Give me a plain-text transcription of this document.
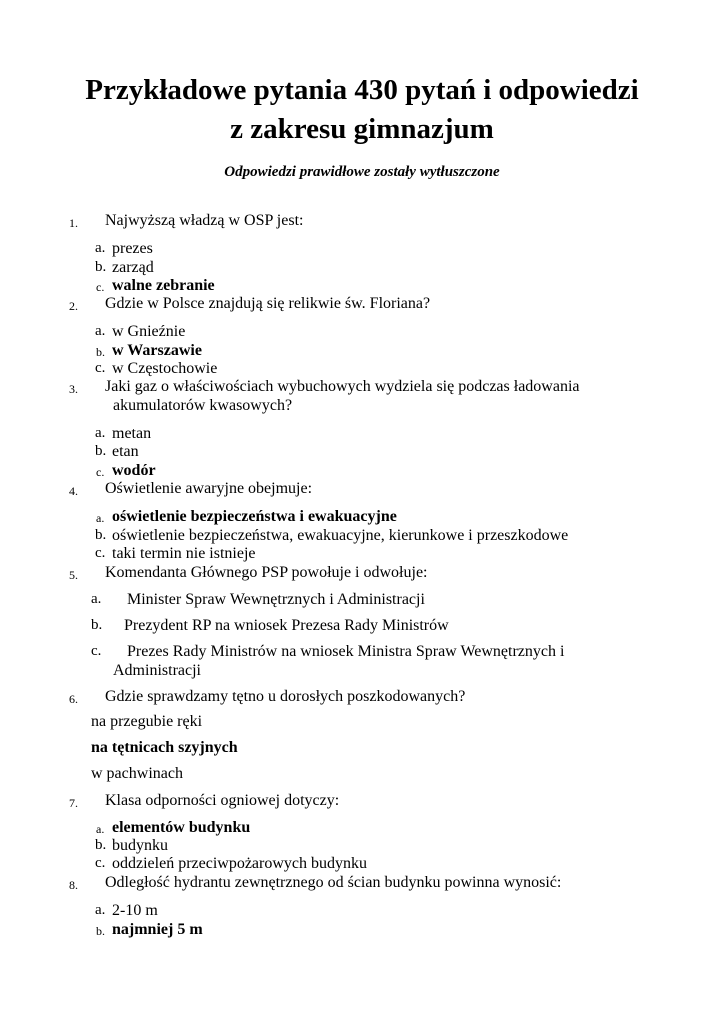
Przykładowe pytania 430 pytań i odpowiedzi
z zakresu gimnazjum
Odpowiedzi prawidłowe zostały wytłuszczone
1. Najwyższą władzą w OSP jest:
a. prezes
b. zarząd
c. walne zebranie
2. Gdzie w Polsce znajdują się relikwie św. Floriana?
a. w Gnieźnie
b. w Warszawie
c. w Częstochowie
3. Jaki gaz o właściwościach wybuchowych wydziela się podczas ładowania
akumulatorów kwasowych?
a. metan
b. etan
c. wodór
4. Oświetlenie awaryjne obejmuje:
a. oświetlenie bezpieczeństwa i ewakuacyjne
b. oświetlenie bezpieczeństwa, ewakuacyjne, kierunkowe i przeszkodowe
c. taki termin nie istnieje
5. Komendanta Głównego PSP powołuje i odwołuje:
a. Minister Spraw Wewnętrznych i Administracji
b. Prezydent RP na wniosek Prezesa Rady Ministrów
c. Prezes Rady Ministrów na wniosek Ministra Spraw Wewnętrznych i
Administracji
6. Gdzie sprawdzamy tętno u dorosłych poszkodowanych?
na przegubie ręki
na tętnicach szyjnych
w pachwinach
7. Klasa odporności ogniowej dotyczy:
a. elementów budynku
b. budynku
c. oddzieleń przeciwpożarowych budynku
8. Odległość hydrantu zewnętrznego od ścian budynku powinna wynosić:
a. 2-10 m
b. najmniej 5 m
